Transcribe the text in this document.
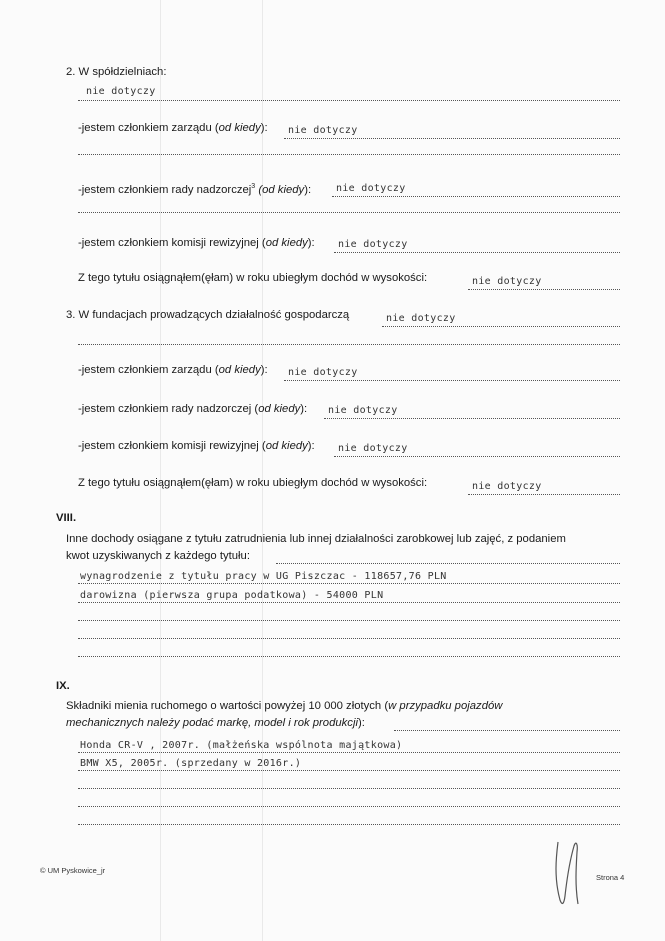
2. W spółdzielniach:
nie dotyczy
-jestem członkiem zarządu (od kiedy): nie dotyczy
-jestem członkiem rady nadzorczej$^3$ (od kiedy): nie dotyczy
-jestem członkiem komisji rewizyjnej (od kiedy): nie dotyczy
Z tego tytułu osiągnąłem(ęłam) w roku ubiegłym dochód w wysokości:	nie dotyczy
3. W fundacjach prowadzących działalność gospodarczą	nie dotyczy
-jestem członkiem zarządu (od kiedy): nie dotyczy
-jestem członkiem rady nadzorczej (od kiedy): nie dotyczy
-jestem członkiem komisji rewizyjnej (od kiedy): nie dotyczy
Z tego tytułu osiągnąłem(ęłam) w roku ubiegłym dochód w wysokości:	nie dotyczy
VIII.
Inne dochody osiągane z tytułu zatrudnienia lub innej działalności zarobkowej lub zajęć, z podaniem
kwot uzyskiwanych z każdego tytułu:
wynagrodzenie z tytułu pracy w UG Piszczac - 118657,76 PLN
darowizna (pierwsza grupa podatkowa) - 54000 PLN
IX.
Składniki mienia ruchomego o wartości powyżej 10 000 złotych (w przypadku pojazdów
mechanicznych należy podać markę, model i rok produkcji):
Honda CR-V , 2007r. (małżeńska wspólnota majątkowa)
BMW X5, 2005r. (sprzedany w 2016r.)
© UM Pyskowice_jr
Strona 4
